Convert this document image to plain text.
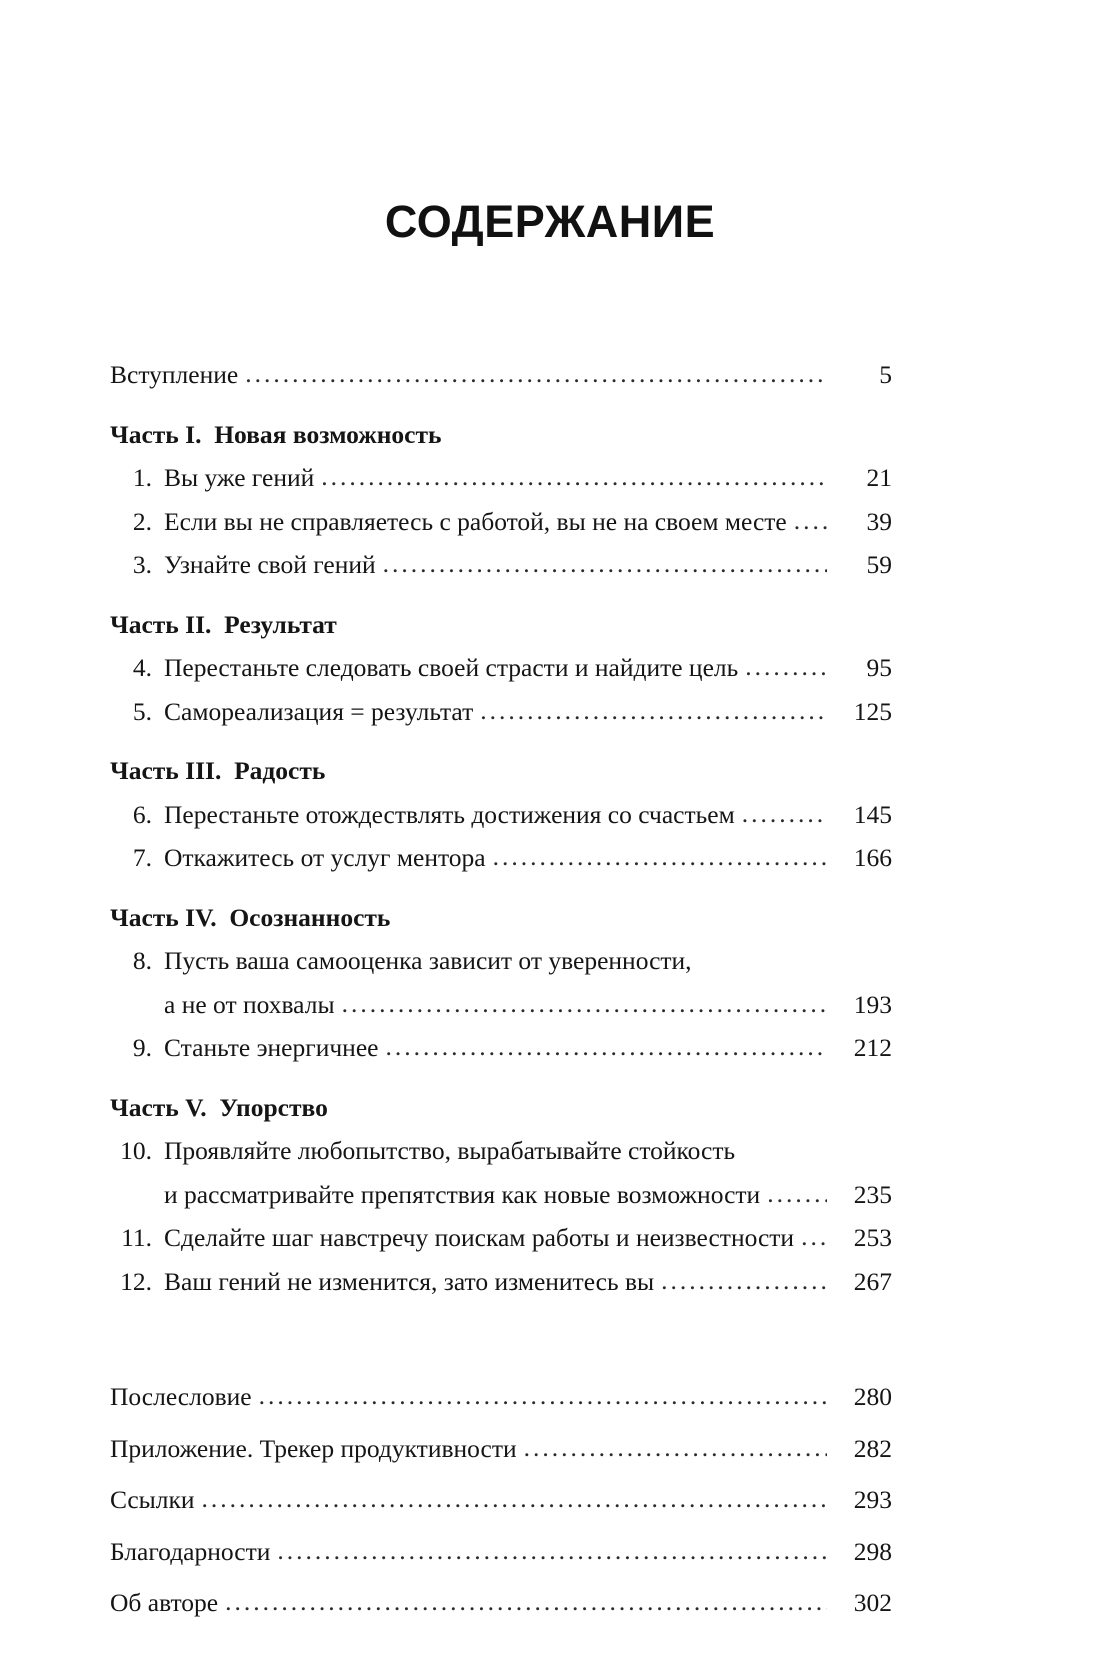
СОДЕРЖАНИЕ
Вступление .....	5
Часть I.  Новая возможность
1. Вы уже гений .....	21
2. Если вы не справляетесь с работой, вы не на своем месте .....	39
3. Узнайте свой гений .....	59
Часть II.  Результат
4. Перестаньте следовать своей страсти и найдите цель .....	95
5. Самореализация = результат .....	125
Часть III.  Радость
6. Перестаньте отождествлять достижения со счастьем .....	145
7. Откажитесь от услуг ментора .....	166
Часть IV.  Осознанность
8. Пусть ваша самооценка зависит от уверенности,
а не от похвалы .....	193
9. Станьте энергичнее .....	212
Часть V.  Упорство
10. Проявляйте любопытство, вырабатывайте стойкость
и рассматривайте препятствия как новые возможности .....	235
11. Сделайте шаг навстречу поискам работы и неизвестности .....	253
12. Ваш гений не изменится, зато изменитесь вы .....	267
Послесловие .....	280
Приложение. Трекер продуктивности .....	282
Ссылки .....	293
Благодарности .....	298
Об авторе .....	302
